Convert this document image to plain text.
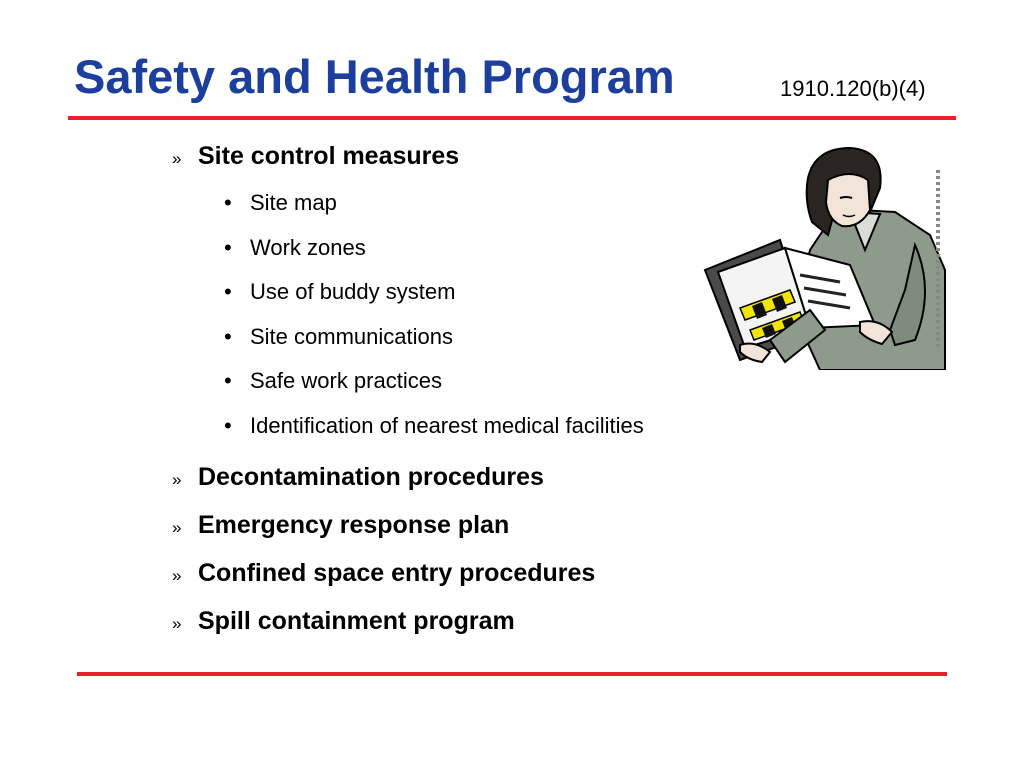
Safety and Health Program	1910.120(b)(4)
» Site control measures
• Site map
• Work zones
• Use of buddy system
• Site communications
• Safe work practices
• Identification of nearest medical facilities
» Decontamination procedures
» Emergency response plan
» Confined space entry procedures
» Spill containment program
